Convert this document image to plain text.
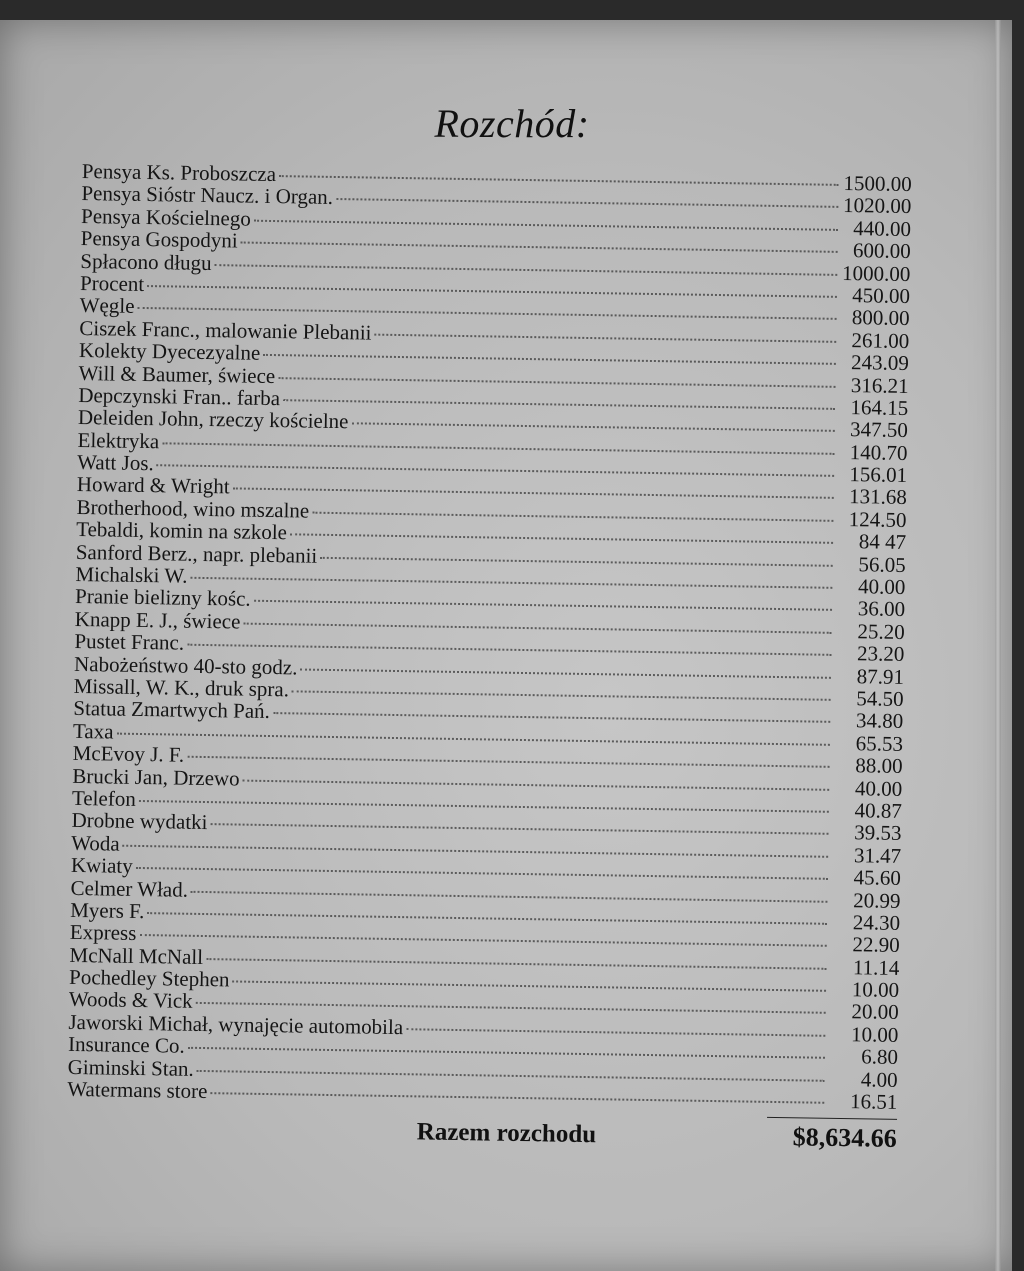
Rozchód:
Pensya Ks. Proboszcza	1500.00
Pensya Sióstr Naucz. i Organ.	1020.00
Pensya Kościelnego	440.00
Pensya Gospodyni	600.00
Spłacono długu	1000.00
Procent	450.00
Węgle	800.00
Ciszek Franc., malowanie Plebanii	261.00
Kolekty Dyecezyalne	243.09
Will & Baumer, świece	316.21
Depczynski Fran.. farba	164.15
Deleiden John, rzeczy kościelne	347.50
Elektryka	140.70
Watt Jos.	156.01
Howard & Wright	131.68
Brotherhood, wino mszalne	124.50
Tebaldi, komin na szkole	84 47
Sanford Berz., napr. plebanii	56.05
Michalski W.	40.00
Pranie bielizny kośc.	36.00
Knapp E. J., świece	25.20
Pustet Franc.	23.20
Nabożeństwo 40-sto godz.	87.91
Missall, W. K., druk spra.	54.50
Statua Zmartwych Pań.	34.80
Taxa	65.53
McEvoy J. F.	88.00
Brucki Jan, Drzewo	40.00
Telefon	40.87
Drobne wydatki	39.53
Woda	31.47
Kwiaty	45.60
Celmer Wład.	20.99
Myers F.	24.30
Express	22.90
McNall McNall	11.14
Pochedley Stephen	10.00
Woods & Vick	20.00
Jaworski Michał, wynajęcie automobila	10.00
Insurance Co.	6.80
Giminski Stan.	4.00
Watermans store	16.51
Razem rozchodu	$8,634.66
